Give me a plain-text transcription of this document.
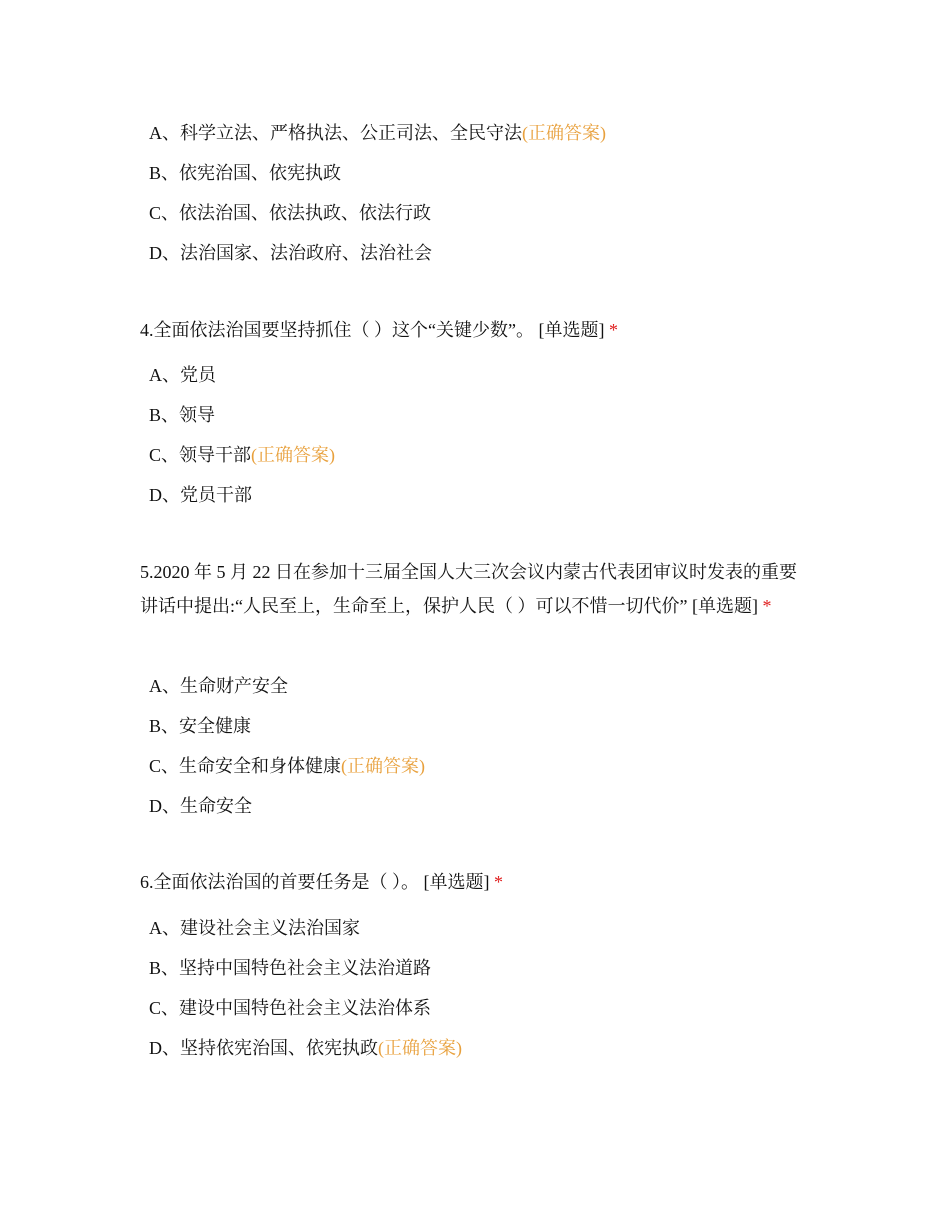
A、科学立法、严格执法、公正司法、全民守法(正确答案)
B、依宪治国、依宪执政
C、依法治国、依法执政、依法行政
D、法治国家、法治政府、法治社会
4.全面依法治国要坚持抓住（ ）这个“关键少数”。 [单选题] *
A、党员
B、领导
C、领导干部(正确答案)
D、党员干部
5.2020 年 5 月 22 日在参加十三届全国人大三次会议内蒙古代表团审议时发表的重要讲话中提出:“人民至上，生命至上，保护人民（ ）可以不惜一切代价” [单选题] *
A、生命财产安全
B、安全健康
C、生命安全和身体健康(正确答案)
D、生命安全
6.全面依法治国的首要任务是（ ）。 [单选题] *
A、建设社会主义法治国家
B、坚持中国特色社会主义法治道路
C、建设中国特色社会主义法治体系
D、坚持依宪治国、依宪执政(正确答案)
